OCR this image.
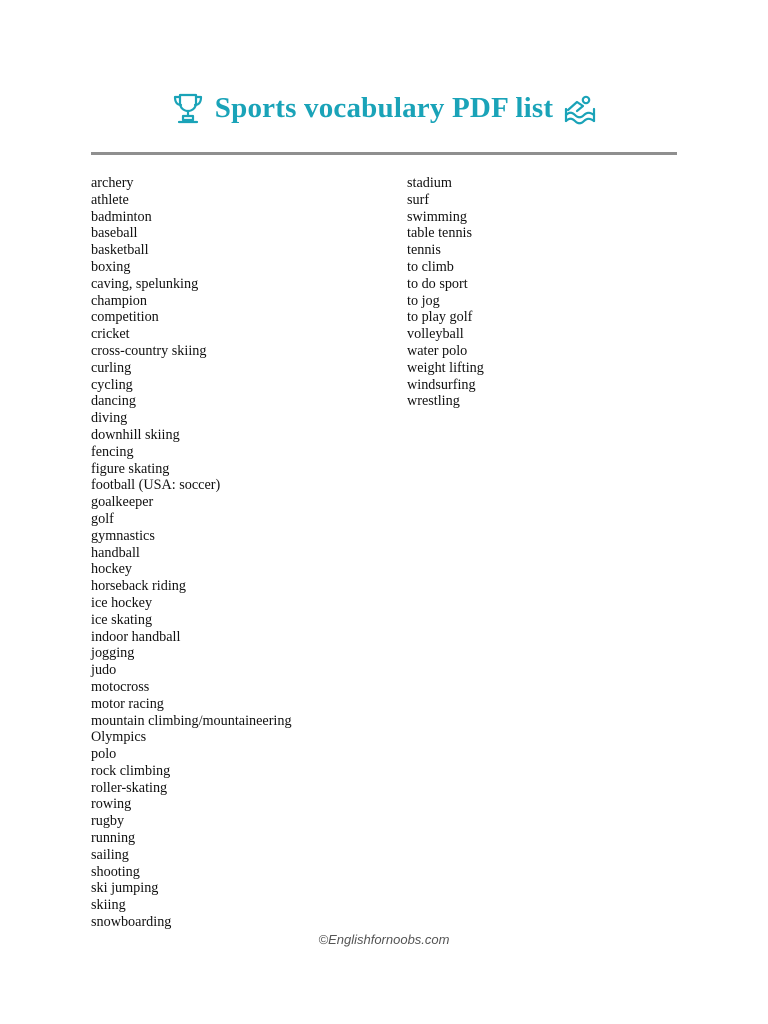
Sports vocabulary PDF list
archery
athlete
badminton
baseball
basketball
boxing
caving, spelunking
champion
competition
cricket
cross-country skiing
curling
cycling
dancing
diving
downhill skiing
fencing
figure skating
football (USA: soccer)
goalkeeper
golf
gymnastics
handball
hockey
horseback riding
ice hockey
ice skating
indoor handball
jogging
judo
motocross
motor racing
mountain climbing/mountaineering
Olympics
polo
rock climbing
roller-skating
rowing
rugby
running
sailing
shooting
ski jumping
skiing
snowboarding
stadium
surf
swimming
table tennis
tennis
to climb
to do sport
to jog
to play golf
volleyball
water polo
weight lifting
windsurfing
wrestling
©Englishfornoobs.com
